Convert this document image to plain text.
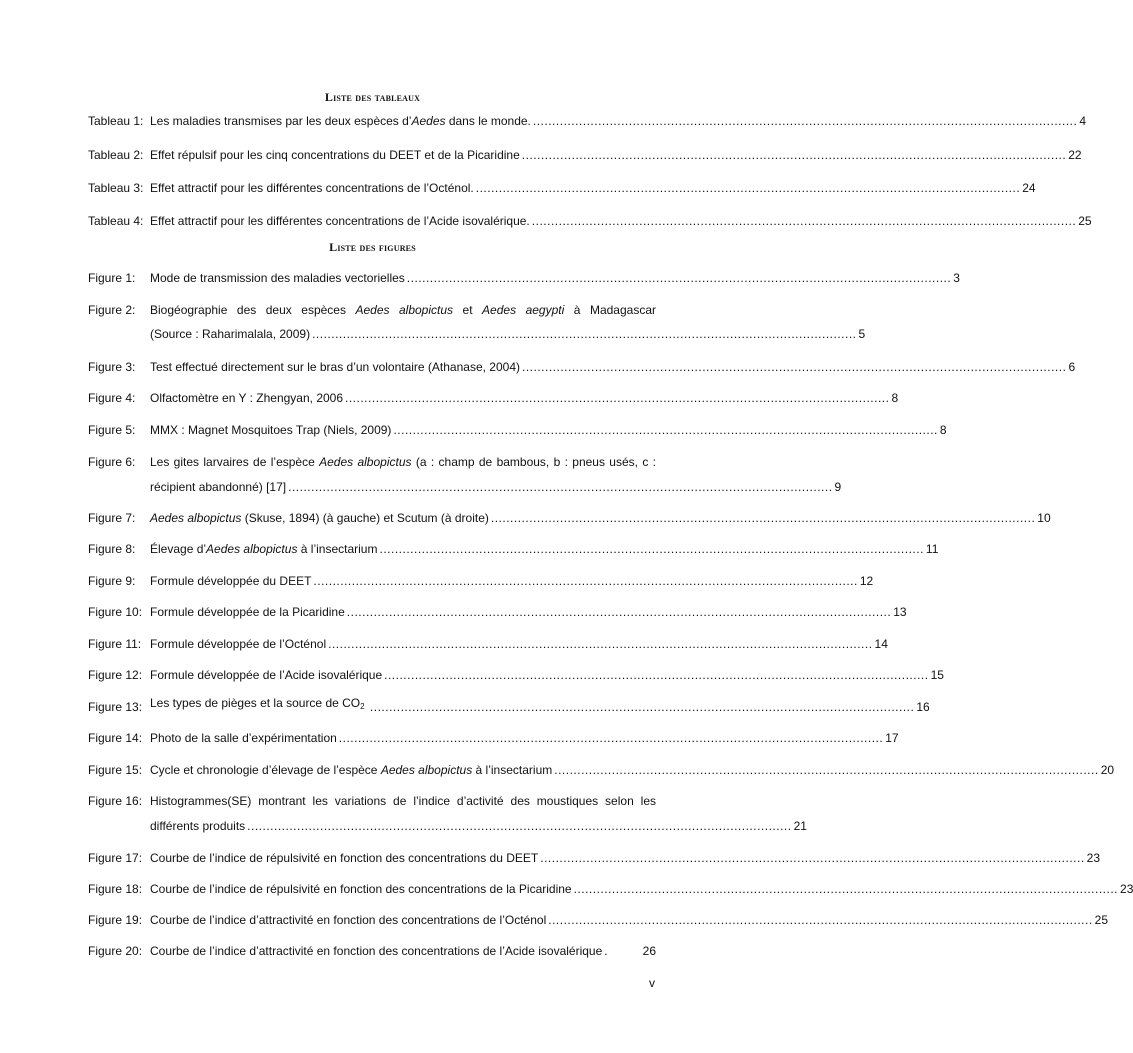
Liste des tableaux
Tableau 1: Les maladies transmises par les deux espèces d’Aedes dans le monde. .............................................................................................................................................. 4
Tableau 2: Effet répulsif pour les cinq concentrations du DEET et de la Picaridine .............................................................................................................................................. 22
Tableau 3: Effet attractif pour les différentes concentrations de l’Octénol. .............................................................................................................................................. 24
Tableau 4: Effet attractif pour les différentes concentrations de l’Acide isovalérique. .............................................................................................................................................. 25
Liste des figures
Figure 1: Mode de transmission des maladies vectorielles .............................................................................................................................................. 3
Figure 2: Biogéographie des deux espèces Aedes albopictus et Aedes aegypti à Madagascar
(Source : Raharimalala, 2009) .............................................................................................................................................. 5
Figure 3: Test effectué directement sur le bras d’un volontaire (Athanase, 2004) .............................................................................................................................................. 6
Figure 4: Olfactomètre en Y : Zhengyan, 2006 .............................................................................................................................................. 8
Figure 5: MMX : Magnet Mosquitoes Trap (Niels, 2009) .............................................................................................................................................. 8
Figure 6: Les gites larvaires de l’espèce Aedes albopictus (a : champ de bambous, b : pneus usés, c :
récipient abandonné) [17] .............................................................................................................................................. 9
Figure 7: Aedes albopictus (Skuse, 1894) (à gauche) et Scutum (à droite) .............................................................................................................................................. 10
Figure 8: Élevage d’Aedes albopictus à l’insectarium .............................................................................................................................................. 11
Figure 9: Formule développée du DEET .............................................................................................................................................. 12
Figure 10: Formule développée de la Picaridine .............................................................................................................................................. 13
Figure 11: Formule développée de l’Octénol .............................................................................................................................................. 14
Figure 12: Formule développée de l’Acide isovalérique .............................................................................................................................................. 15
Figure 13: Les types de pièges et la source de $CO_2$ .............................................................................................................................................. 16
Figure 14: Photo de la salle d’expérimentation .............................................................................................................................................. 17
Figure 15: Cycle et chronologie d’élevage de l’espèce Aedes albopictus à l’insectarium .............................................................................................................................................. 20
Figure 16: Histogrammes(SE) montrant les variations de l’indice d’activité des moustiques selon les
différents produits .............................................................................................................................................. 21
Figure 17: Courbe de l’indice de répulsivité en fonction des concentrations du DEET .............................................................................................................................................. 23
Figure 18: Courbe de l’indice de répulsivité en fonction des concentrations de la Picaridine .............................................................................................................................................. 23
Figure 19: Courbe de l’indice d’attractivité en fonction des concentrations de l’Octénol .............................................................................................................................................. 25
Figure 20: Courbe de l’indice d’attractivité en fonction des concentrations de l’Acide isovalérique .	26
v
